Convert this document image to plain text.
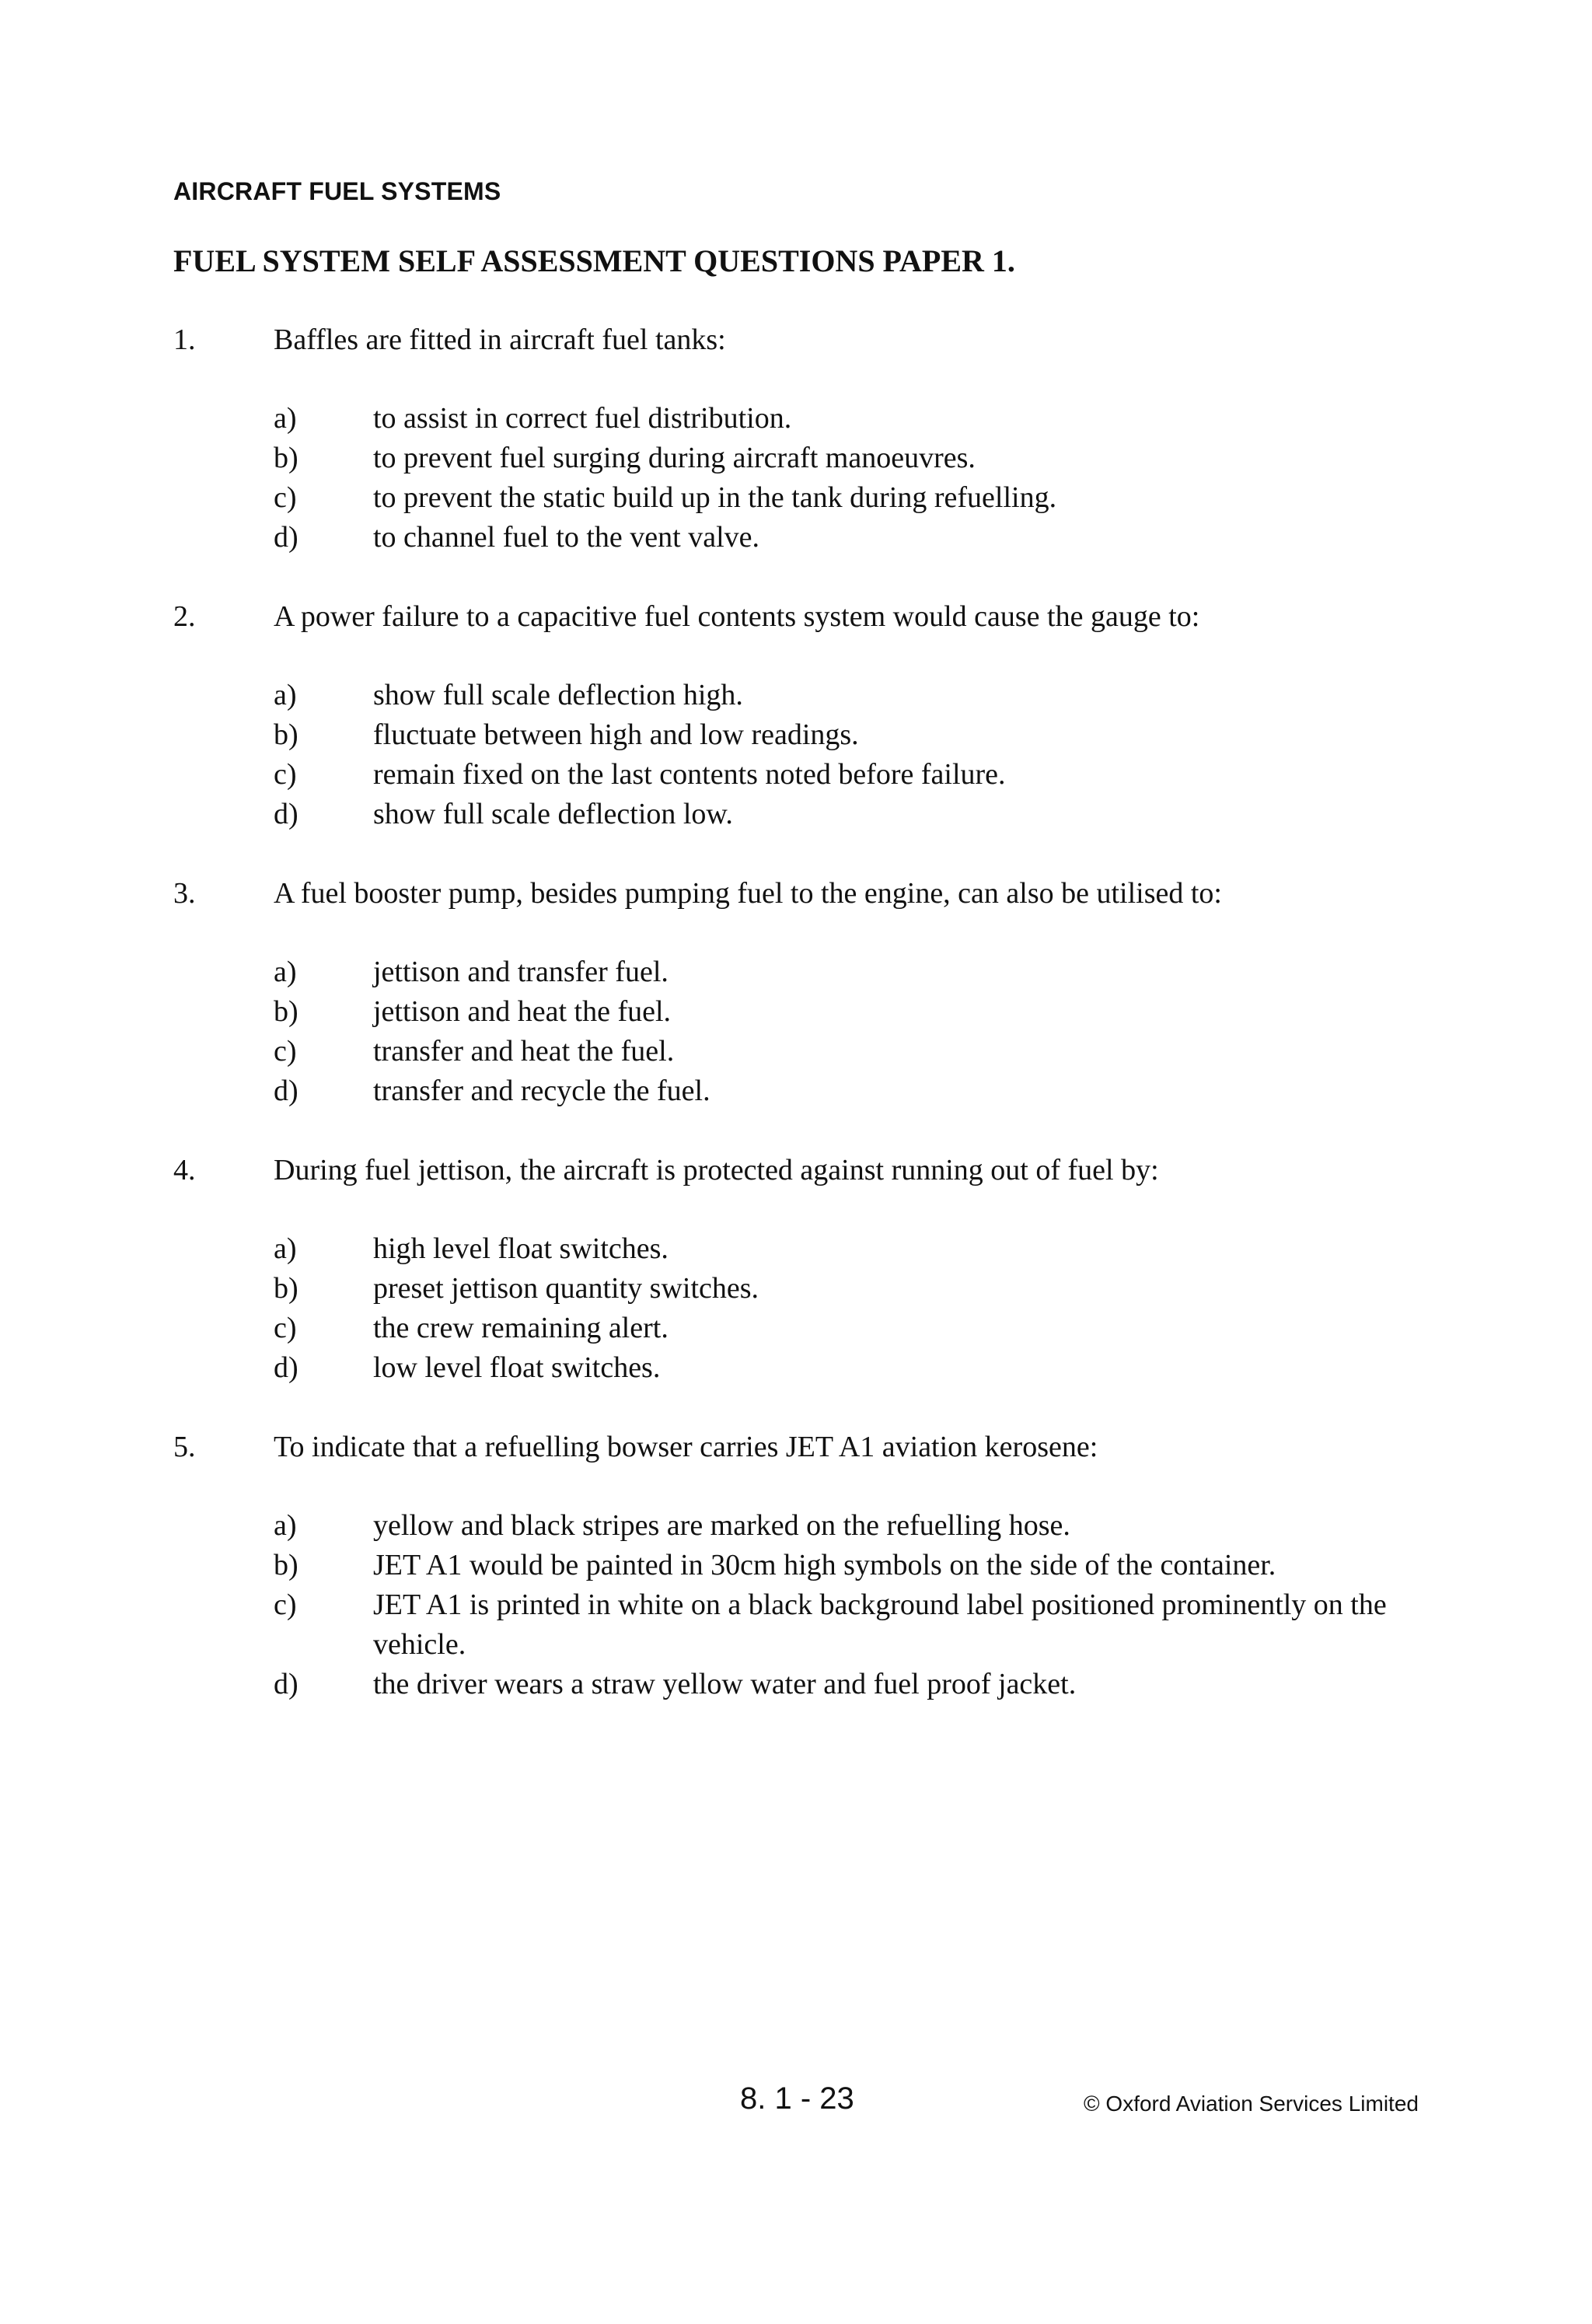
AIRCRAFT FUEL SYSTEMS
FUEL SYSTEM SELF ASSESSMENT QUESTIONS PAPER 1.
1.	Baffles are fitted in aircraft fuel tanks:
a)	to assist in correct fuel distribution.
b)	to prevent fuel surging during aircraft manoeuvres.
c)	to prevent the static build up in the tank during refuelling.
d)	to channel fuel to the vent valve.
2.	A power failure to a capacitive fuel contents system would cause the gauge to:
a)	show full scale deflection high.
b)	fluctuate between high and low readings.
c)	remain fixed on the last contents noted before failure.
d)	show full scale deflection low.
3.	A fuel booster pump, besides pumping fuel to the engine, can also be utilised to:
a)	jettison and transfer fuel.
b)	jettison and heat the fuel.
c)	transfer and heat the fuel.
d)	transfer and recycle the fuel.
4.	During fuel jettison, the aircraft is protected against running out of fuel by:
a)	high level float switches.
b)	preset jettison quantity switches.
c)	the crew remaining alert.
d)	low level float switches.
5.	To indicate that a refuelling bowser carries JET A1 aviation kerosene:
a)	yellow and black stripes are marked on the refuelling hose.
b)	JET A1 would be painted in 30cm high symbols on the side of the container.
c)	JET A1 is printed in white on a black background label positioned prominently on the vehicle.
d)	the driver wears a straw yellow water and fuel proof jacket.
8. 1 - 23	© Oxford Aviation Services Limited
